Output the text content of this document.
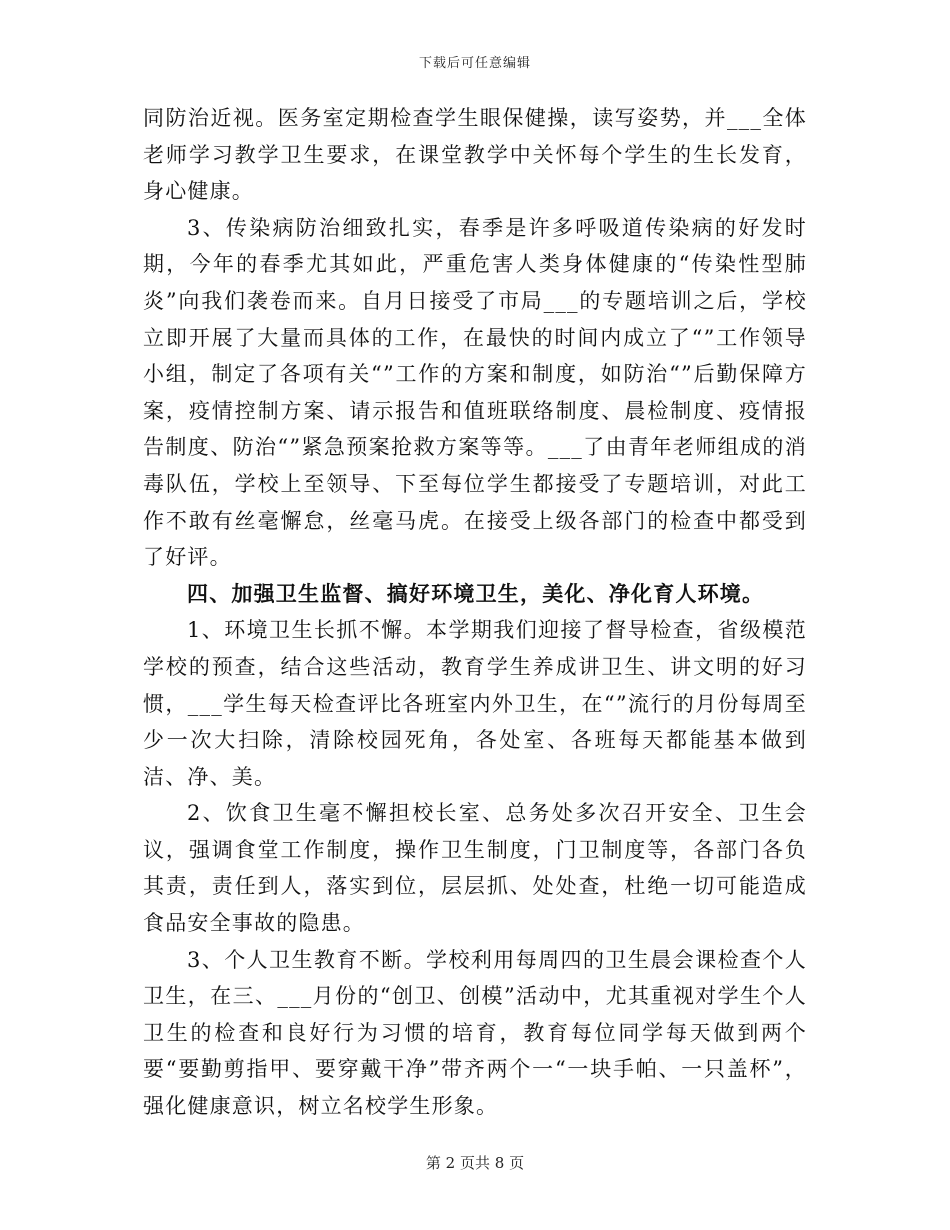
下载后可任意编辑

同防治近视。医务室定期检查学生眼保健操，读写姿势，并___全体老师学习教学卫生要求，在课堂教学中关怀每个学生的生长发育，身心健康。

3、传染病防治细致扎实，春季是许多呼吸道传染病的好发时期，今年的春季尤其如此，严重危害人类身体健康的“传染性型肺炎”向我们袭卷而来。自月日接受了市局___的专题培训之后，学校立即开展了大量而具体的工作，在最快的时间内成立了“”工作领导小组，制定了各项有关“”工作的方案和制度，如防治“”后勤保障方案，疫情控制方案、请示报告和值班联络制度、晨检制度、疫情报告制度、防治“”紧急预案抢救方案等等。___了由青年老师组成的消毒队伍，学校上至领导、下至每位学生都接受了专题培训，对此工作不敢有丝毫懈怠，丝毫马虎。在接受上级各部门的检查中都受到了好评。

四、加强卫生监督、搞好环境卫生，美化、净化育人环境。

1、环境卫生长抓不懈。本学期我们迎接了督导检查，省级模范学校的预查，结合这些活动，教育学生养成讲卫生、讲文明的好习惯，___学生每天检查评比各班室内外卫生，在“”流行的月份每周至少一次大扫除，清除校园死角，各处室、各班每天都能基本做到洁、净、美。

2、饮食卫生毫不懈担校长室、总务处多次召开安全、卫生会议，强调食堂工作制度，操作卫生制度，门卫制度等，各部门各负其责，责任到人，落实到位，层层抓、处处查，杜绝一切可能造成食品安全事故的隐患。

3、个人卫生教育不断。学校利用每周四的卫生晨会课检查个人卫生，在三、___月份的“创卫、创模”活动中，尤其重视对学生个人卫生的检查和良好行为习惯的培育，教育每位同学每天做到两个要“要勤剪指甲、要穿戴干净”带齐两个一“一块手帕、一只盖杯”，强化健康意识，树立名校学生形象。

第 2 页共 8 页
